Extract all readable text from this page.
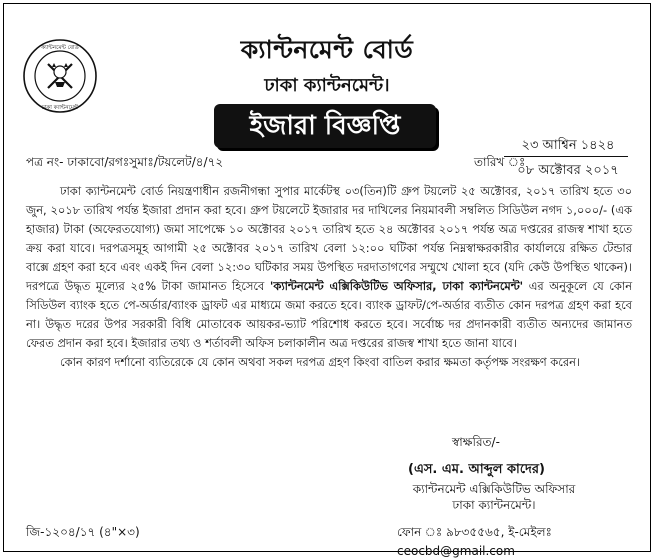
ক্যান্টনমেন্ট বোর্ড
ঢাকা ক্যান্টনমেন্ট
ক্যান্টনমেন্ট বোর্ড
ঢাকা ক্যান্টনমেন্ট।
ইজারা বিজ্ঞপ্তি
২৩ আশ্বিন ১৪২৪
পত্র নং- ঢাকাবো/রগঃসুমাঃ/টয়লেট/৪/৭২	তারিখ ঃ
০৮ অক্টোবর ২০১৭

ঢাকা ক্যান্টনমেন্ট বোর্ড নিয়ন্ত্রণাধীন রজনীগন্ধা সুপার মার্কেটস্থ ০৩(তিন)টি গ্রুপ টয়লেট ২৫ অক্টোবর, ২০১৭ তারিখ হতে ৩০ জুন, ২০১৮ তারিখ পর্যন্ত ইজারা প্রদান করা হবে। গ্রুপ টয়লেটে ইজারার দর দাখিলের নিয়মাবলী সম্বলিত সিডিউল নগদ ১,০০০/- (এক হাজার) টাকা (অফেরতযোগ্য) জমা সাপেক্ষে ১০ অক্টোবর ২০১৭ তারিখ হতে ২৪ অক্টোবর ২০১৭ পর্যন্ত অত্র দপ্তরের রাজস্ব শাখা হতে ক্রয় করা যাবে। দরপত্রসমূহ আগামী ২৫ অক্টোবর ২০১৭ তারিখ বেলা ১২:০০ ঘটিকা পর্যন্ত নিম্নস্বাক্ষরকারীর কার্যালয়ে রক্ষিত টেন্ডার বাক্সে গ্রহণ করা হবে এবং একই দিন বেলা ১২:৩০ ঘটিকার সময় উপস্থিত দরদাতাগণের সম্মুখে খোলা হবে (যদি কেউ উপস্থিত থাকেন)। দরপত্রে উদ্ধৃত মূল্যের ২৫% টাকা জামানত হিসেবে 'ক্যান্টনমেন্ট এক্সিকিউটিভ অফিসার, ঢাকা ক্যান্টনমেন্ট' এর অনুকূলে যে কোন সিডিউল ব্যাংক হতে পে-অর্ডার/ব্যাংক ড্রাফট এর মাধ্যমে জমা করতে হবে। ব্যাংক ড্রাফট/পে-অর্ডার ব্যতীত কোন দরপত্র গ্রহণ করা হবে না। উদ্ধৃত দরের উপর সরকারী বিধি মোতাবেক আয়কর-ভ্যাট পরিশোধ করতে হবে। সর্বোচ্চ দর প্রদানকারী ব্যতীত অন্যদের জামানত ফেরত প্রদান করা হবে। ইজারার তথ্য ও শর্তাবলী অফিস চলাকালীন অত্র দপ্তরের রাজস্ব শাখা হতে জানা যাবে।

কোন কারণ দর্শানো ব্যতিরেকে যে কোন অথবা সকল দরপত্র গ্রহণ কিংবা বাতিল করার ক্ষমতা কর্তৃপক্ষ সংরক্ষণ করেন।

স্বাক্ষরিত/-
(এস. এম. আব্দুল কাদের)
ক্যান্টনমেন্ট এক্সিকিউটিভ অফিসার
ঢাকা ক্যান্টনমেন্ট।
জি-১২০৪/১৭ (৪"×৩)	ফোন ঃ ৯৮৩৫৫৬৫, ই-মেইলঃ ceocbd@gmail.com
